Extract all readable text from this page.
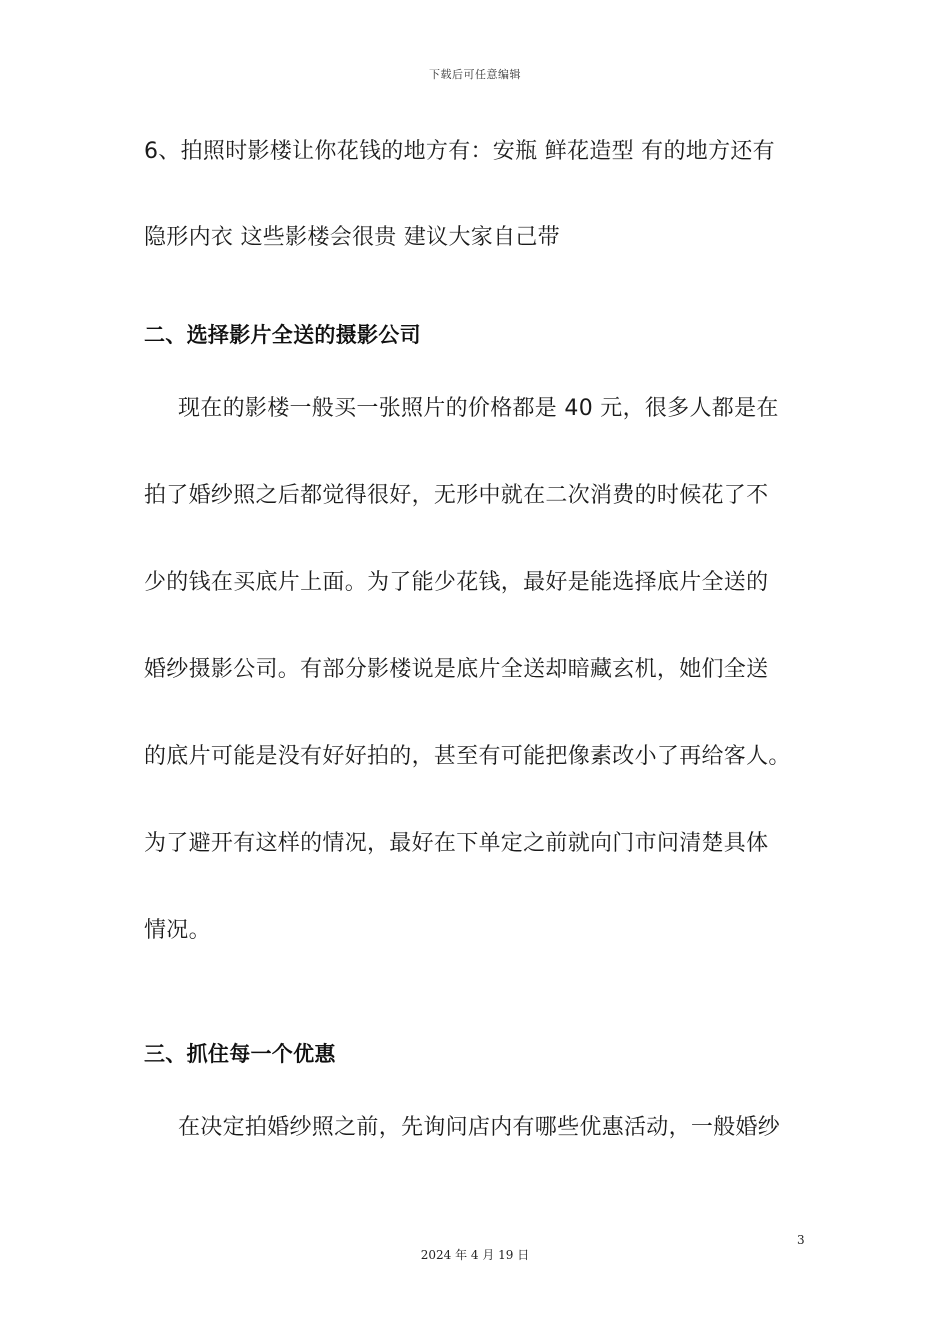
下载后可任意编辑
6、拍照时影楼让你花钱的地方有：安瓶 鲜花造型 有的地方还有
隐形内衣 这些影楼会很贵 建议大家自己带
二、选择影片全送的摄影公司
现在的影楼一般买一张照片的价格都是 40 元，很多人都是在
拍了婚纱照之后都觉得很好，无形中就在二次消费的时候花了不
少的钱在买底片上面。为了能少花钱，最好是能选择底片全送的
婚纱摄影公司。有部分影楼说是底片全送却暗藏玄机，她们全送
的底片可能是没有好好拍的，甚至有可能把像素改小了再给客人。
为了避开有这样的情况，最好在下单定之前就向门市问清楚具体
情况。
三、抓住每一个优惠
在决定拍婚纱照之前，先询问店内有哪些优惠活动，一般婚纱
3
2024 年 4 月 19 日
